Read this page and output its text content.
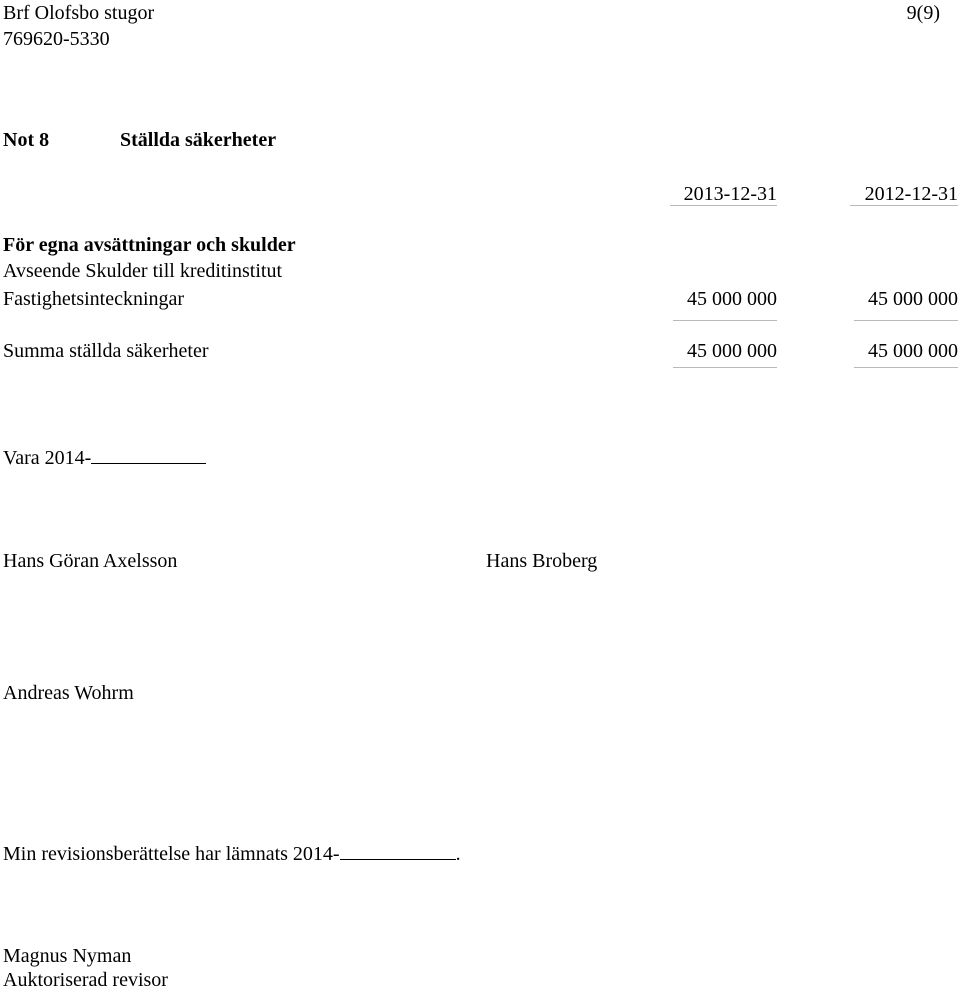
Brf Olofsbo stugor
769620-5330
9(9)
Not 8	Ställda säkerheter
2013-12-31	2012-12-31
För egna avsättningar och skulder
Avseende Skulder till kreditinstitut
Fastighetsinteckningar	45 000 000	45 000 000
Summa ställda säkerheter	45 000 000	45 000 000
Vara 2014-
Hans Göran Axelsson	Hans Broberg
Andreas Wohrm
Min revisionsberättelse har lämnats 2014-	.
Magnus Nyman
Auktoriserad revisor
